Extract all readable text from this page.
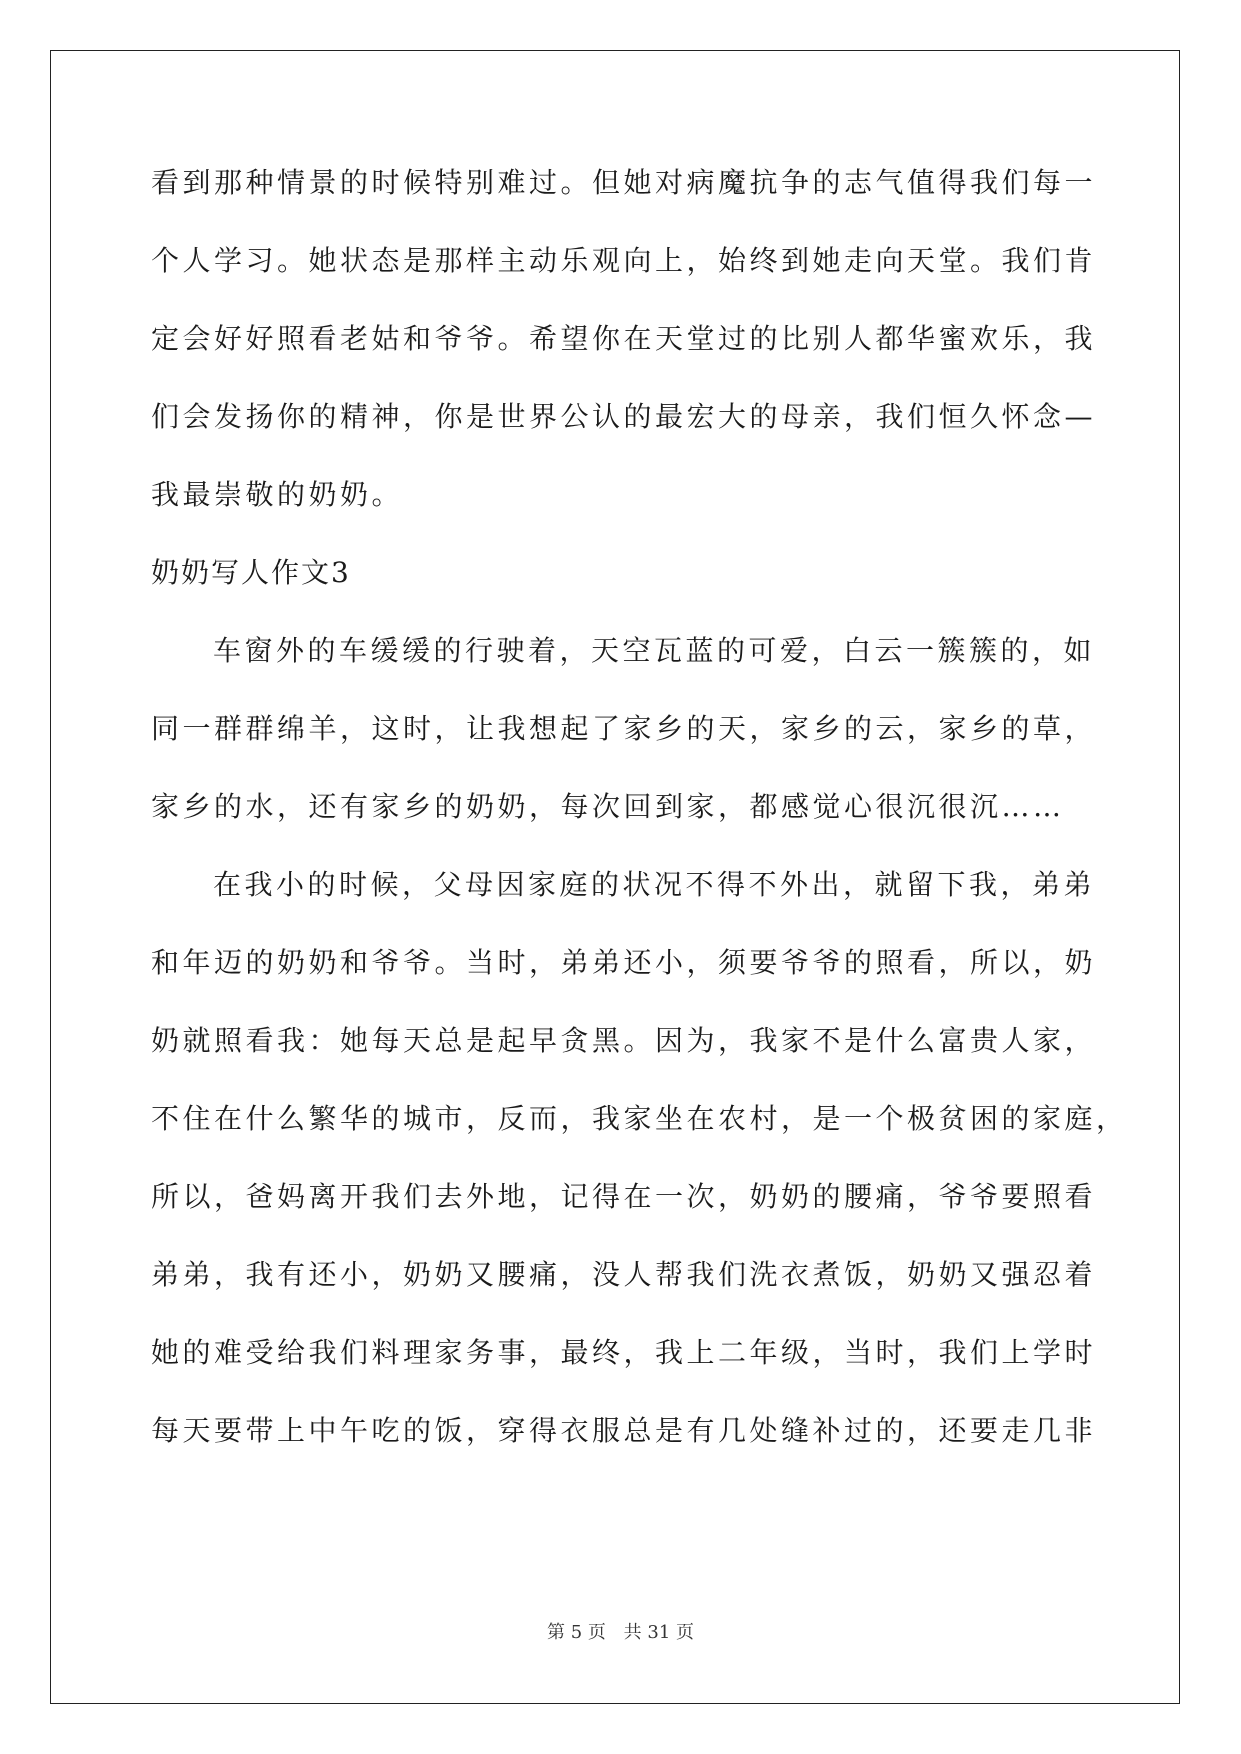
看到那种情景的时候特别难过。但她对病魔抗争的志气值得我们每一
个人学习。她状态是那样主动乐观向上，始终到她走向天堂。我们肯
定会好好照看老姑和爷爷。希望你在天堂过的比别人都华蜜欢乐，我
们会发扬你的精神，你是世界公认的最宏大的母亲，我们恒久怀念—
我最崇敬的奶奶。
奶奶写人作文3
车窗外的车缓缓的行驶着，天空瓦蓝的可爱，白云一簇簇的，如
同一群群绵羊，这时，让我想起了家乡的天，家乡的云，家乡的草，
家乡的水，还有家乡的奶奶，每次回到家，都感觉心很沉很沉……
在我小的时候，父母因家庭的状况不得不外出，就留下我，弟弟
和年迈的奶奶和爷爷。当时，弟弟还小，须要爷爷的照看，所以，奶
奶就照看我：她每天总是起早贪黑。因为，我家不是什么富贵人家，
不住在什么繁华的城市，反而，我家坐在农村，是一个极贫困的家庭，
所以，爸妈离开我们去外地，记得在一次，奶奶的腰痛，爷爷要照看
弟弟，我有还小，奶奶又腰痛，没人帮我们洗衣煮饭，奶奶又强忍着
她的难受给我们料理家务事，最终，我上二年级，当时，我们上学时
每天要带上中午吃的饭，穿得衣服总是有几处缝补过的，还要走几非
第 5 页 共 31 页
